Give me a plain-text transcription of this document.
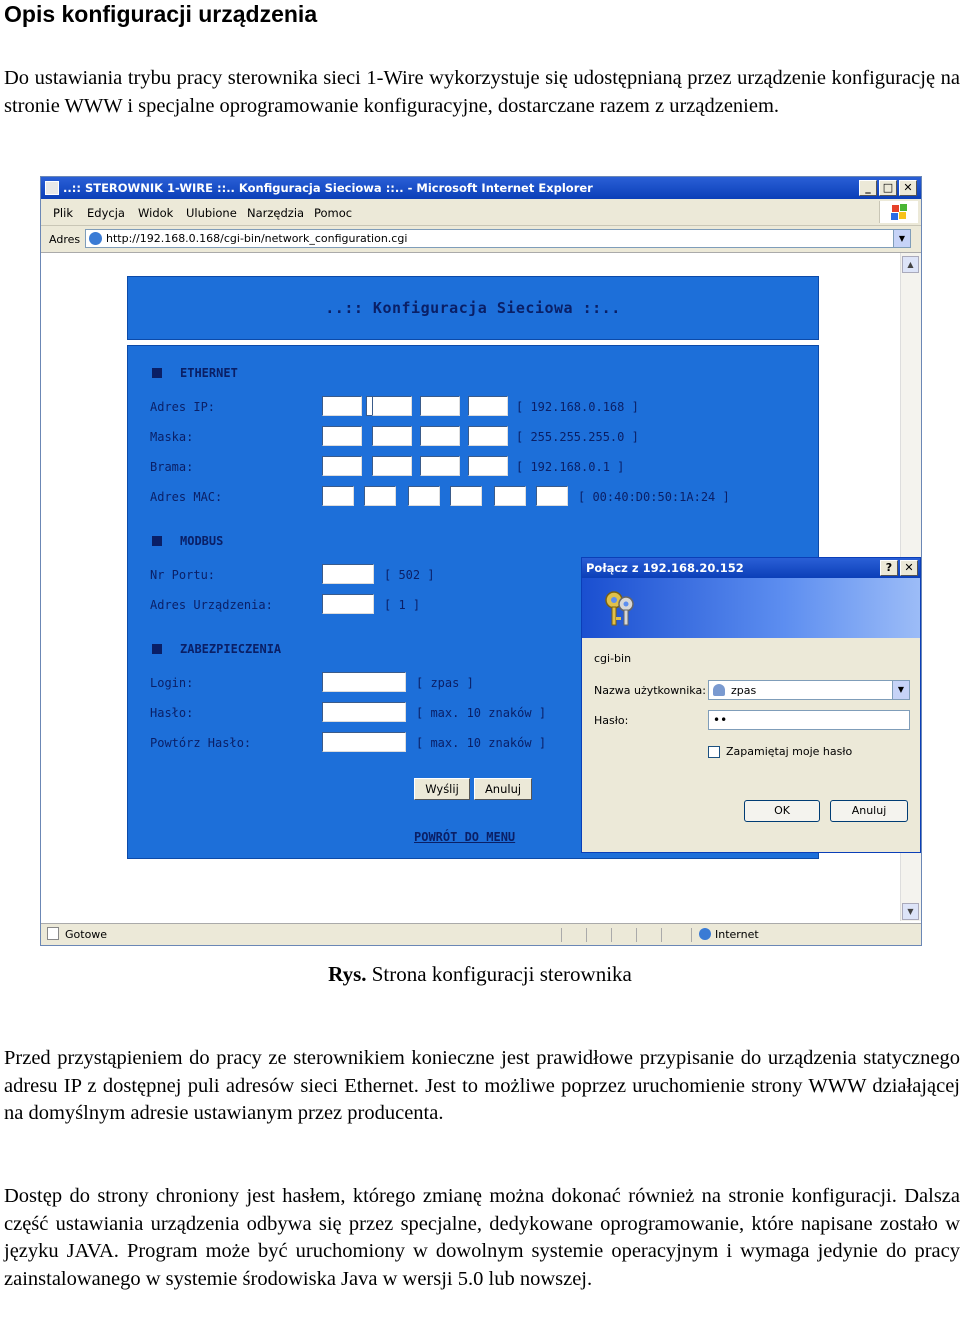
Opis konfiguracji urządzenia
Do ustawiania trybu pracy sterownika sieci 1-Wire wykorzystuje się udostępnianą przez urządzenie konfigurację na stronie WWW i specjalne oprogramowanie konfiguracyjne, dostarczane razem z urządzeniem.
..:: STEROWNIK 1-WIRE ::.. Konfiguracja Sieciowa ::.. - Microsoft Internet Explorer	_	□ ✕
Plik Edycja Widok Ulubione Narzędzia Pomoc
Adres http://192.168.0.168/cgi-bin/network_configuration.cgi	▼
▲
▼
..:: Konfiguracja Sieciowa ::..
ETHERNET
Adres IP:	[ 192.168.0.168 ]
Maska:	[ 255.255.255.0 ]
Brama:	[ 192.168.0.1 ]
Adres MAC:	[ 00:40:D0:50:1A:24 ]
MODBUS
Nr Portu:	[ 502 ]
Adres Urządzenia:	[ 1 ]
ZABEZPIECZENIA
Login:	[ zpas ]
Hasło:	[ max. 10 znaków ]
Powtórz Hasło:	[ max. 10 znaków ]
Wyślij	Anuluj
POWRÓT DO MENU
Połącz z 192.168.20.152	?	✕
cgi-bin
Nazwa użytkownika: zpas	▼
Hasło:	••
Zapamiętaj moje hasło
OK	Anuluj
Gotowe	Internet
Rys. Strona konfiguracji sterownika
Przed przystąpieniem do pracy ze sterownikiem konieczne jest prawidłowe przypisanie do urządzenia statycznego adresu IP z dostępnej puli adresów sieci Ethernet. Jest to możliwe poprzez uruchomienie strony WWW działającej na domyślnym adresie ustawianym przez producenta.
Dostęp do strony chroniony jest hasłem, którego zmianę można dokonać również na stronie konfiguracji. Dalsza część ustawiania urządzenia odbywa się przez specjalne, dedykowane oprogramowanie, które napisane zostało w języku JAVA. Program może być uruchomiony w dowolnym systemie operacyjnym i wymaga jedynie do pracy zainstalowanego w systemie środowiska Java w wersji 5.0 lub nowszej.
